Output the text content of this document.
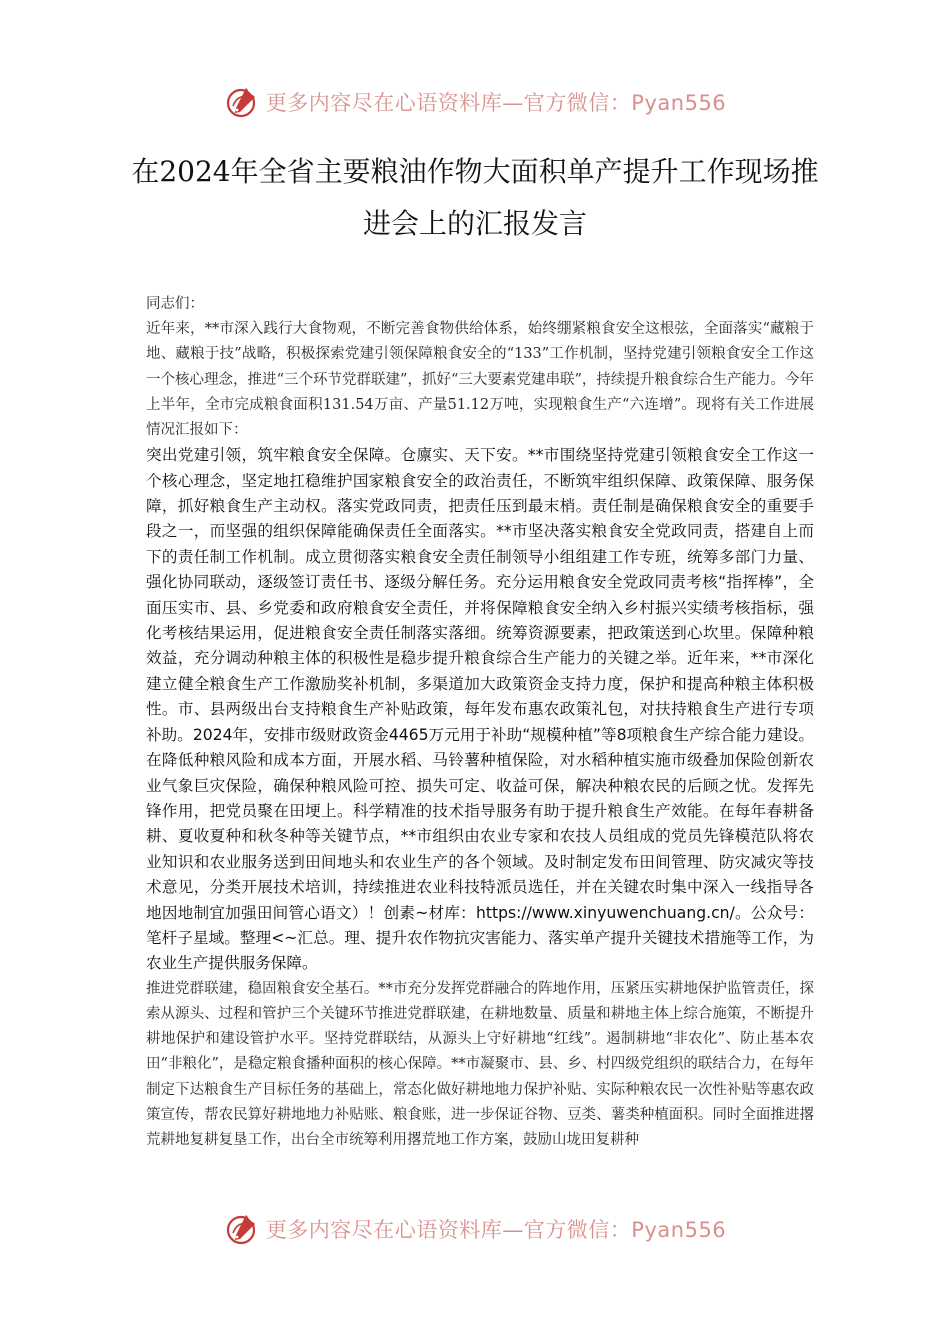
更多内容尽在心语资料库—官方微信：Pyan556
在2024年全省主要粮油作物大面积单产提升工作现场推进会上的汇报发言

同志们：

近年来，**市深入践行大食物观，不断完善食物供给体系，始终绷紧粮食安全这根弦，全面落实“藏粮于地、藏粮于技”战略，积极探索党建引领保障粮食安全的“133”工作机制，坚持党建引领粮食安全工作这一个核心理念，推进“三个环节党群联建”，抓好“三大要素党建串联”，持续提升粮食综合生产能力。今年上半年，全市完成粮食面积131.54万亩、产量51.12万吨，实现粮食生产“六连增”。现将有关工作进展情况汇报如下：

突出党建引领，筑牢粮食安全保障。仓廪实、天下安。**市围绕坚持党建引领粮食安全工作这一个核心理念，坚定地扛稳维护国家粮食安全的政治责任，不断筑牢组织保障、政策保障、服务保障，抓好粮食生产主动权。落实党政同责，把责任压到最末梢。责任制是确保粮食安全的重要手段之一，而坚强的组织保障能确保责任全面落实。**市坚决落实粮食安全党政同责，搭建自上而下的责任制工作机制。成立贯彻落实粮食安全责任制领导小组组建工作专班，统筹多部门力量、强化协同联动，逐级签订责任书、逐级分解任务。充分运用粮食安全党政同责考核“指挥棒”，全面压实市、县、乡党委和政府粮食安全责任，并将保障粮食安全纳入乡村振兴实绩考核指标，强化考核结果运用，促进粮食安全责任制落实落细。统筹资源要素，把政策送到心坎里。保障种粮效益，充分调动种粮主体的积极性是稳步提升粮食综合生产能力的关键之举。近年来，**市深化建立健全粮食生产工作激励奖补机制，多渠道加大政策资金支持力度，保护和提高种粮主体积极性。市、县两级出台支持粮食生产补贴政策，每年发布惠农政策礼包，对扶持粮食生产进行专项补助。2024年，安排市级财政资金4465万元用于补助“规模种植”等8项粮食生产综合能力建设。在降低种粮风险和成本方面，开展水稻、马铃薯种植保险，对水稻种植实施市级叠加保险创新农业气象巨灾保险，确保种粮风险可控、损失可定、收益可保，解决种粮农民的后顾之忧。发挥先锋作用，把党员聚在田埂上。科学精准的技术指导服务有助于提升粮食生产效能。在每年春耕备耕、夏收夏种和秋冬种等关键节点，**市组织由农业专家和农技人员组成的党员先锋模范队将农业知识和农业服务送到田间地头和农业生产的各个领域。及时制定发布田间管理、防灾减灾等技术意见，分类开展技术培训，持续推进农业科技特派员选任，并在关键农时集中深入一线指导各地因地制宜加强田间管心语文）！创素~材库：https://www.xinyuwenchuang.cn/。公众号：笔杆子星域。整理<~汇总。理、提升农作物抗灾害能力、落实单产提升关键技术措施等工作，为农业生产提供服务保障。

推进党群联建，稳固粮食安全基石。**市充分发挥党群融合的阵地作用，压紧压实耕地保护监管责任，探索从源头、过程和管护三个关键环节推进党群联建，在耕地数量、质量和耕地主体上综合施策，不断提升耕地保护和建设管护水平。坚持党群联结，从源头上守好耕地“红线”。遏制耕地“非农化”、防止基本农田“非粮化”，是稳定粮食播种面积的核心保障。**市凝聚市、县、乡、村四级党组织的联结合力，在每年制定下达粮食生产目标任务的基础上，常态化做好耕地地力保护补贴、实际种粮农民一次性补贴等惠农政策宣传，帮农民算好耕地地力补贴账、粮食账，进一步保证谷物、豆类、薯类种植面积。同时全面推进撂荒耕地复耕复垦工作，出台全市统筹利用撂荒地工作方案，鼓励山垅田复耕种

更多内容尽在心语资料库—官方微信：Pyan556
